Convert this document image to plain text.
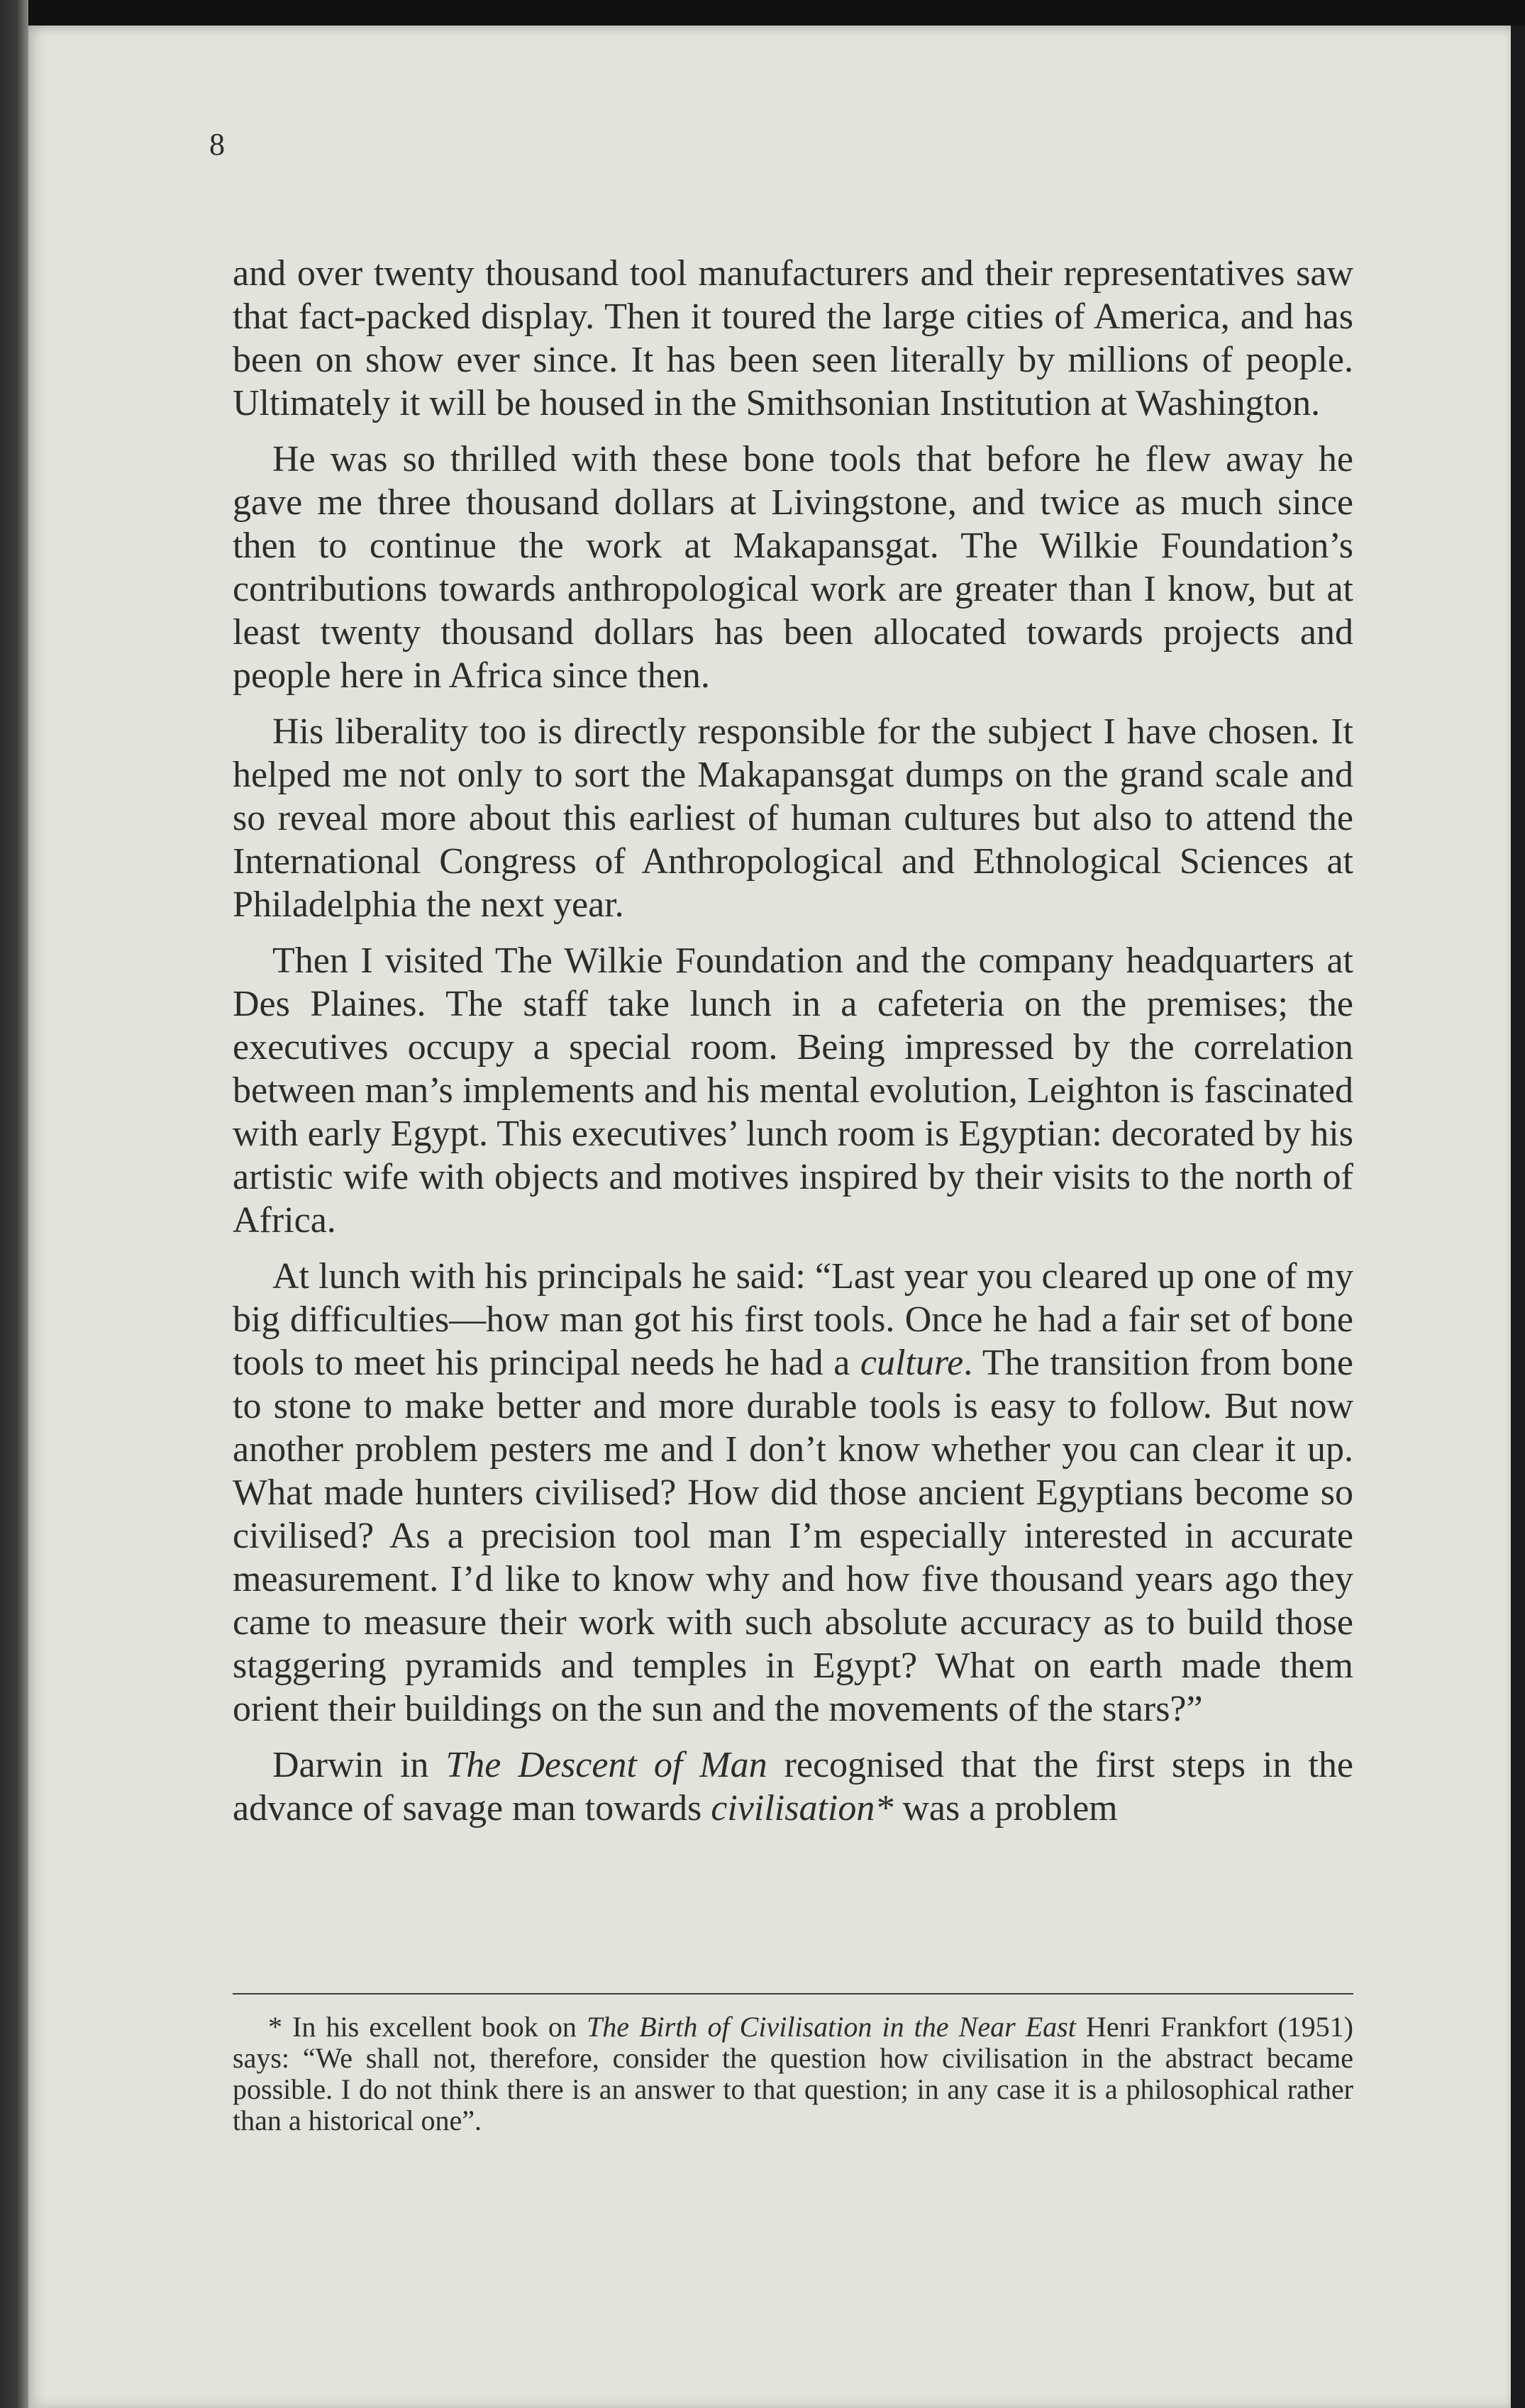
8

and over twenty thousand tool manufacturers and their representatives saw that fact-packed display. Then it toured the large cities of America, and has been on show ever since. It has been seen literally by millions of people. Ultimately it will be housed in the Smithsonian Institution at Washington.

He was so thrilled with these bone tools that before he flew away he gave me three thousand dollars at Livingstone, and twice as much since then to continue the work at Makapansgat. The Wilkie Foundation’s contributions towards anthropological work are greater than I know, but at least twenty thousand dollars has been allocated towards projects and people here in Africa since then.

His liberality too is directly responsible for the subject I have chosen. It helped me not only to sort the Makapansgat dumps on the grand scale and so reveal more about this earliest of human cultures but also to attend the International Congress of Anthropological and Ethnological Sciences at Philadelphia the next year.

Then I visited The Wilkie Foundation and the company headquarters at Des Plaines. The staff take lunch in a cafeteria on the premises; the executives occupy a special room. Being impressed by the correlation between man’s implements and his mental evolution, Leighton is fascinated with early Egypt. This executives’ lunch room is Egyptian: decorated by his artistic wife with objects and motives inspired by their visits to the north of Africa.

At lunch with his principals he said: “Last year you cleared up one of my big difficulties—how man got his first tools. Once he had a fair set of bone tools to meet his principal needs he had a culture. The transition from bone to stone to make better and more durable tools is easy to follow. But now another problem pesters me and I don’t know whether you can clear it up. What made hunters civilised? How did those ancient Egyptians become so civilised? As a precision tool man I’m especially interested in accurate measurement. I’d like to know why and how five thousand years ago they came to measure their work with such absolute accuracy as to build those staggering pyramids and temples in Egypt? What on earth made them orient their buildings on the sun and the movements of the stars?”

Darwin in The Descent of Man recognised that the first steps in the advance of savage man towards civilisation* was a problem

* In his excellent book on The Birth of Civilisation in the Near East Henri Frankfort (1951) says: “We shall not, therefore, consider the question how civilisation in the abstract became possible. I do not think there is an answer to that question; in any case it is a philosophical rather than a historical one”.
